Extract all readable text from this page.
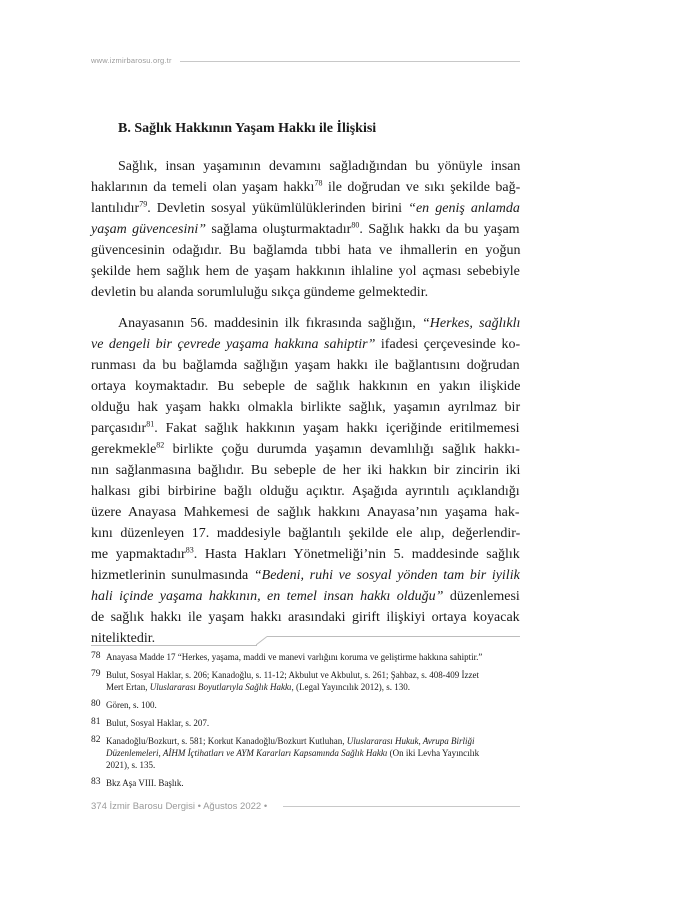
www.izmirbarosu.org.tr
B. Sağlık Hakkının Yaşam Hakkı ile İlişkisi
Sağlık, insan yaşamının devamını sağladığından bu yönüyle insan
haklarının da temeli olan yaşam hakkı$^{78}$ ile doğrudan ve sıkı şekilde bağ-
lantılıdır$^{79}$. Devletin sosyal yükümlülüklerinden birini “en geniş anlamda
yaşam güvencesini” sağlama oluşturmaktadır$^{80}$. Sağlık hakkı da bu yaşam
güvencesinin odağıdır. Bu bağlamda tıbbi hata ve ihmallerin en yoğun
şekilde hem sağlık hem de yaşam hakkının ihlaline yol açması sebebiyle
devletin bu alanda sorumluluğu sıkça gündeme gelmektedir.
Anayasanın 56. maddesinin ilk fıkrasında sağlığın, “Herkes, sağlıklı
ve dengeli bir çevrede yaşama hakkına sahiptir” ifadesi çerçevesinde ko-
runması da bu bağlamda sağlığın yaşam hakkı ile bağlantısını doğrudan
ortaya koymaktadır. Bu sebeple de sağlık hakkının en yakın ilişkide
olduğu hak yaşam hakkı olmakla birlikte sağlık, yaşamın ayrılmaz bir
parçasıdır$^{81}$. Fakat sağlık hakkının yaşam hakkı içeriğinde eritilmemesi
gerekmekle$^{82}$ birlikte çoğu durumda yaşamın devamlılığı sağlık hakkı-
nın sağlanmasına bağlıdır. Bu sebeple de her iki hakkın bir zincirin iki
halkası gibi birbirine bağlı olduğu açıktır. Aşağıda ayrıntılı açıklandığı
üzere Anayasa Mahkemesi de sağlık hakkını Anayasa’nın yaşama hak-
kını düzenleyen 17. maddesiyle bağlantılı şekilde ele alıp, değerlendir-
me yapmaktadır$^{83}$. Hasta Hakları Yönetmeliği’nin 5. maddesinde sağlık
hizmetlerinin sunulmasında “Bedeni, ruhi ve sosyal yönden tam bir iyilik
hali içinde yaşama hakkının, en temel insan hakkı olduğu” düzenlemesi
de sağlık hakkı ile yaşam hakkı arasındaki girift ilişkiyi ortaya koyacak
niteliktedir.
78 Anayasa Madde 17 “Herkes, yaşama, maddi ve manevi varlığını koruma ve geliştirme hakkına sahiptir.”
79 Bulut, Sosyal Haklar, s. 206; Kanadoğlu, s. 11-12; Akbulut ve Akbulut, s. 261; Şahbaz, s. 408-409 İzzet
Mert Ertan, Uluslararası Boyutlarıyla Sağlık Hakkı, (Legal Yayıncılık 2012), s. 130.
80 Gören, s. 100.
81 Bulut, Sosyal Haklar, s. 207.
82 Kanadoğlu/Bozkurt, s. 581; Korkut Kanadoğlu/Bozkurt Kutluhan, Uluslararası Hukuk, Avrupa Birliği
Düzenlemeleri, AİHM İçtihatları ve AYM Kararları Kapsamında Sağlık Hakkı (On iki Levha Yayıncılık
2021), s. 135.
83 Bkz Aşa VIII. Başlık.
374 İzmir Barosu Dergisi • Ağustos 2022 •
